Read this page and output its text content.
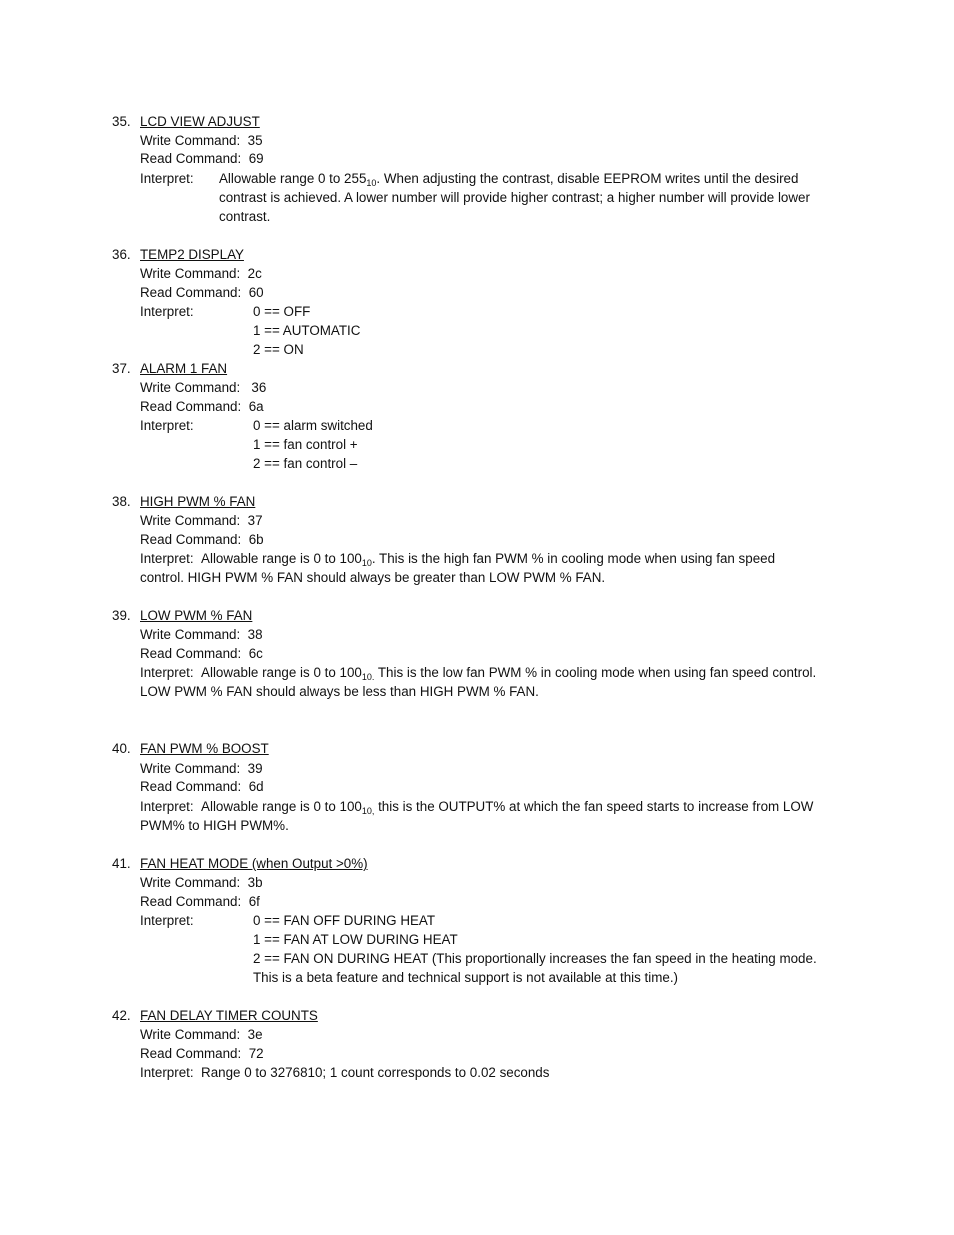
35. LCD VIEW ADJUST
Write Command: 35
Read Command: 69
Interpret: Allowable range 0 to $255_{10}$. When adjusting the contrast, disable EEPROM writes until the desired
contrast is achieved. A lower number will provide higher contrast; a higher number will provide lower
contrast.
36. TEMP2 DISPLAY
Write Command: 2c
Read Command: 60
Interpret:	0 == OFF
1 == AUTOMATIC
2 == ON
37. ALARM 1 FAN
Write Command: 36
Read Command: 6a
Interpret:	0 == alarm switched
1 == fan control +
2 == fan control –
38. HIGH PWM % FAN
Write Command: 37
Read Command: 6b
Interpret: Allowable range is 0 to $100_{10}$. This is the high fan PWM % in cooling mode when using fan speed
control. HIGH PWM % FAN should always be greater than LOW PWM % FAN.
39. LOW PWM % FAN
Write Command: 38
Read Command: 6c
Interpret: Allowable range is 0 to $100_{10.}$ This is the low fan PWM % in cooling mode when using fan speed control.
LOW PWM % FAN should always be less than HIGH PWM % FAN.
40. FAN PWM % BOOST
Write Command: 39
Read Command: 6d
Interpret: Allowable range is 0 to $100_{10,}$ this is the OUTPUT% at which the fan speed starts to increase from LOW
PWM% to HIGH PWM%.
41. FAN HEAT MODE (when Output >0%)
Write Command: 3b
Read Command: 6f
Interpret:	0 == FAN OFF DURING HEAT
1 == FAN AT LOW DURING HEAT
2 == FAN ON DURING HEAT (This proportionally increases the fan speed in the heating mode.
This is a beta feature and technical support is not available at this time.)
42. FAN DELAY TIMER COUNTS
Write Command: 3e
Read Command: 72
Interpret: Range 0 to 3276810; 1 count corresponds to 0.02 seconds
